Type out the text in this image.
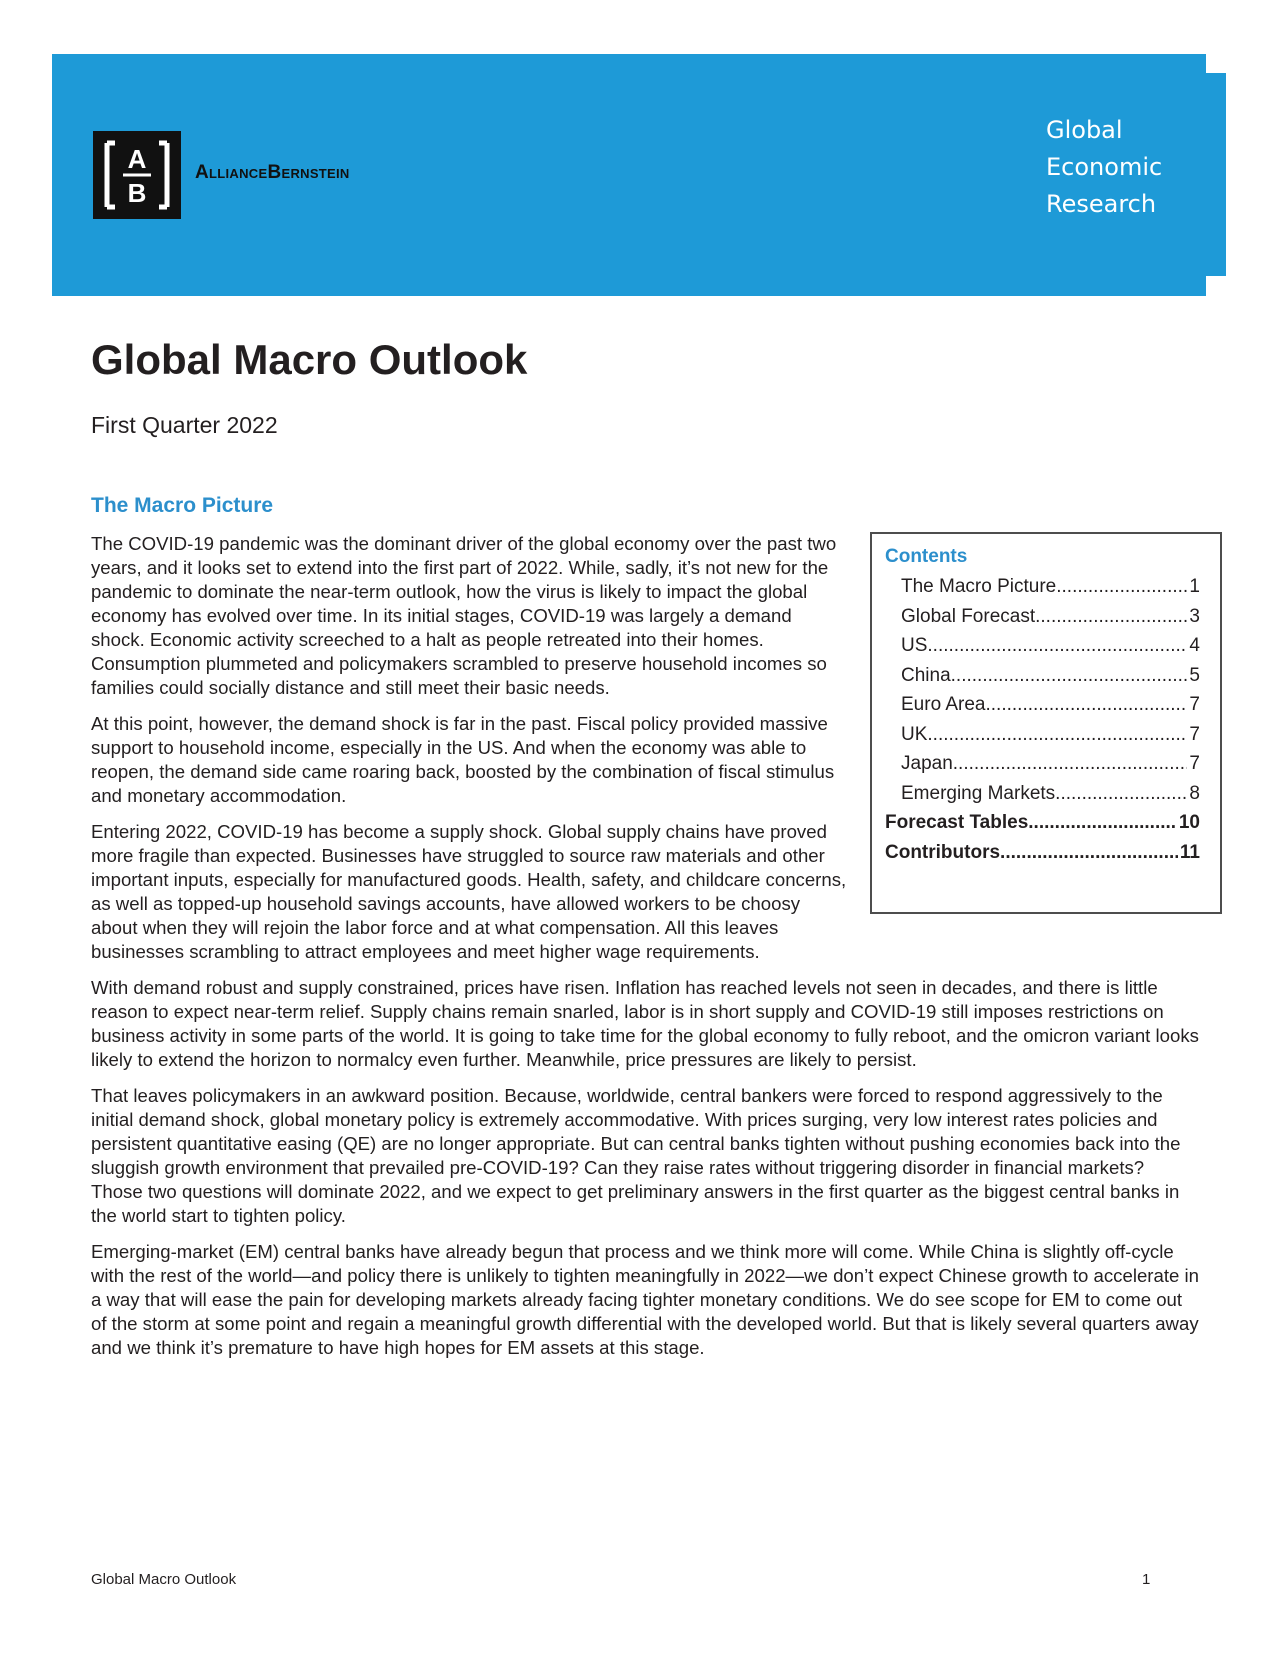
A
B
AllianceBernstein
Global
Economic
Research
Global Macro Outlook
First Quarter 2022
The Macro Picture
Contents
The Macro Picture .....	1
Global Forecast .....	3
US .....	4
China .....	5
Euro Area .....	7
UK .....	7
Japan .....	7
Emerging Markets .....	8
Forecast Tables .....	10
Contributors .....	11

The COVID-19 pandemic was the dominant driver of the global economy over the past two years, and it looks set to extend into the first part of 2022. While, sadly, it’s not new for the pandemic to dominate the near-term outlook, how the virus is likely to impact the global economy has evolved over time. In its initial stages, COVID-19 was largely a demand shock. Economic activity screeched to a halt as people retreated into their homes. Consumption plummeted and policymakers scrambled to preserve household incomes so families could socially distance and still meet their basic needs.

At this point, however, the demand shock is far in the past. Fiscal policy provided massive support to household income, especially in the US. And when the economy was able to reopen, the demand side came roaring back, boosted by the combination of fiscal stimulus and monetary accommodation.

Entering 2022, COVID-19 has become a supply shock. Global supply chains have proved more fragile than expected. Businesses have struggled to source raw materials and other important inputs, especially for manufactured goods. Health, safety, and childcare concerns, as well as topped-up household savings accounts, have allowed workers to be choosy about when they will rejoin the labor force and at what compensation. All this leaves businesses scrambling to attract employees and meet higher wage requirements.

With demand robust and supply constrained, prices have risen. Inflation has reached levels not seen in decades, and there is little reason to expect near-term relief. Supply chains remain snarled, labor is in short supply and COVID-19 still imposes restrictions on business activity in some parts of the world. It is going to take time for the global economy to fully reboot, and the omicron variant looks likely to extend the horizon to normalcy even further. Meanwhile, price pressures are likely to persist.

That leaves policymakers in an awkward position. Because, worldwide, central bankers were forced to respond aggressively to the initial demand shock, global monetary policy is extremely accommodative. With prices surging, very low interest rates policies and persistent quantitative easing (QE) are no longer appropriate. But can central banks tighten without pushing economies back into the sluggish growth environment that prevailed pre-COVID-19? Can they raise rates without triggering disorder in financial markets? Those two questions will dominate 2022, and we expect to get preliminary answers in the first quarter as the biggest central banks in the world start to tighten policy.

Emerging-market (EM) central banks have already begun that process and we think more will come. While China is slightly off-cycle with the rest of the world—and policy there is unlikely to tighten meaningfully in 2022—we don’t expect Chinese growth to accelerate in a way that will ease the pain for developing markets already facing tighter monetary conditions. We do see scope for EM to come out of the storm at some point and regain a meaningful growth differential with the developed world. But that is likely several quarters away and we think it’s premature to have high hopes for EM assets at this stage.

Global Macro Outlook	1
